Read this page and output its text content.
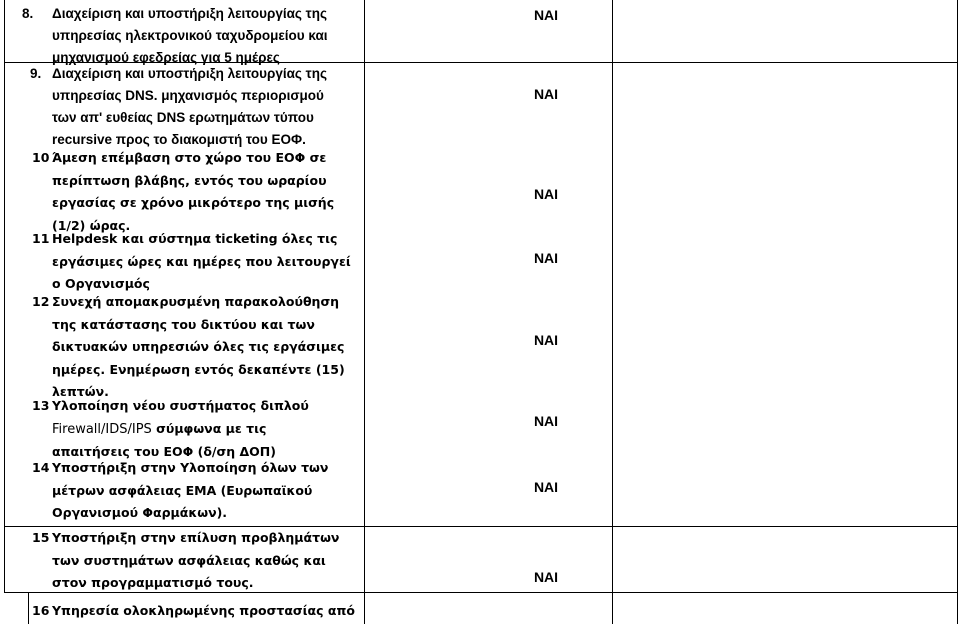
8.	Διαχείριση και υποστήριξη λειτουργίας της
υπηρεσίας ηλεκτρονικού ταχυδρομείου και
μηχανισμού εφεδρείας για 5 ημέρες
ΝΑΙ
9. Διαχείριση και υποστήριξη λειτουργίας της
υπηρεσίας DNS. μηχανισμός περιορισμού
των απ' ευθείας DNS ερωτημάτων τύπου
recursive προς το διακομιστή του ΕΟΦ.
ΝΑΙ
10 Άμεση επέμβαση στο χώρο του ΕΟΦ σε
περίπτωση βλάβης, εντός του ωραρίου
εργασίας σε χρόνο μικρότερο της μισής
(1/2) ώρας.
ΝΑΙ
11 Helpdesk και σύστημα ticketing όλες τις
εργάσιμες ώρες και ημέρες που λειτουργεί
ο Οργανισμός
ΝΑΙ
12 Συνεχή απομακρυσμένη παρακολούθηση
της κατάστασης του δικτύου και των
δικτυακών υπηρεσιών όλες τις εργάσιμες
ημέρες. Ενημέρωση εντός δεκαπέντε (15)
λεπτών.
ΝΑΙ
13 Υλοποίηση νέου συστήματος διπλού
Firewall/IDS/IPS σύμφωνα με τις
απαιτήσεις του ΕΟΦ (δ/ση ΔΟΠ)
ΝΑΙ
14 Υποστήριξη στην Υλοποίηση όλων των
μέτρων ασφάλειας ΕΜΑ (Ευρωπαϊκού
Οργανισμού Φαρμάκων).
ΝΑΙ
15 Υποστήριξη στην επίλυση προβλημάτων
των συστημάτων ασφάλειας καθώς και
στον προγραμματισμό τους.	ΝΑΙ
16 Υπηρεσία ολοκληρωμένης προστασίας από
